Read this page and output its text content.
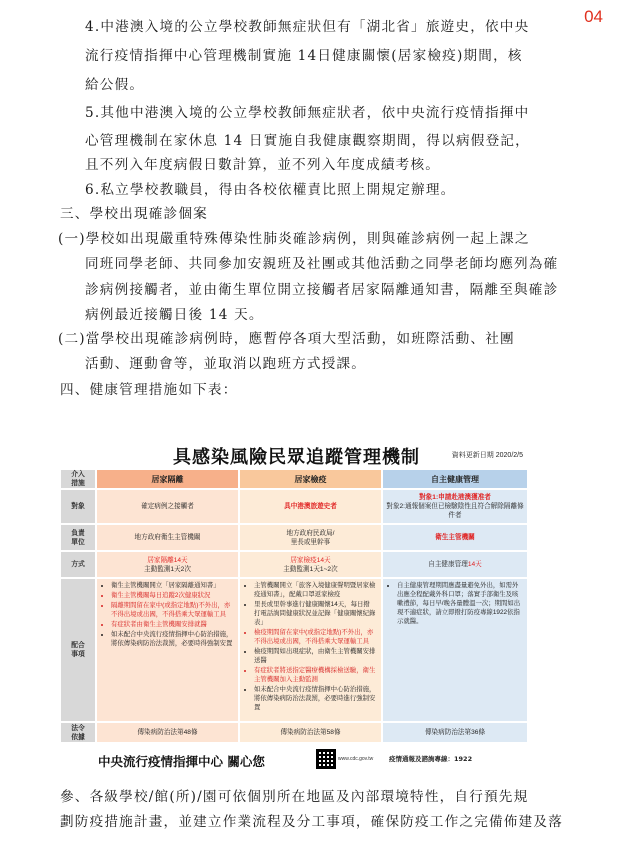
04
4.中港澳入境的公立學校教師無症狀但有「湖北省」旅遊史，依中央
流行疫情指揮中心管理機制實施 14日健康關懷(居家檢疫)期間，核
給公假。
5.其他中港澳入境的公立學校教師無症狀者，依中央流行疫情指揮中
心管理機制在家休息 14 日實施自我健康觀察期間，得以病假登記，
且不列入年度病假日數計算，並不列入年度成績考核。
6.私立學校教職員，得由各校依權責比照上開規定辦理。
三、學校出現確診個案
(一)學校如出現嚴重特殊傳染性肺炎確診病例，則與確診病例一起上課之
同班同學老師、共同參加安親班及社團或其他活動之同學老師均應列為確
診病例接觸者，並由衛生單位開立接觸者居家隔離通知書，隔離至與確診
病例最近接觸日後 14 天。
(二)當學校出現確診病例時，應暫停各項大型活動，如班際活動、社團
活動、運動會等，並取消以跑班方式授課。
四、健康管理措施如下表：
參、各級學校/館(所)/園可依個別所在地區及內部環境特性，自行預先規
劃防疫措施計畫，並建立作業流程及分工事項，確保防疫工作之完備佈建及落
具感染風險民眾追蹤管理機制	資料更新日期 2020/2/5
介入
措施
對象
負責
單位
方式
配合
事項
法令
依據
居家隔離
確定病例之接觸者
地方政府衛生主管機關
居家隔離14天
主動監測1天2次
• 衛生主管機關開立「居家隔離通知書」
• 衛生主管機關每日追蹤2次健康狀況
• 隔離期間留在家中(或指定地點)不外出，亦不得出境或出國，不得搭乘大眾運輸工具
• 有症狀者由衛生主管機關安排就醫
• 如未配合中央流行疫情指揮中心防治措施，將依傳染病防治法裁罰，必要時得強制安置
傳染病防治法第48條
居家檢疫
具中港澳旅遊史者
地方政府民政局/
里長或里幹事
居家檢疫14天
主動監測1天1~2次
• 主管機關開立「旅客入境健康聲明暨居家檢疫通知書」，配戴口罩返家檢疫
• 里長或里幹事進行健康關懷14天，每日撥打電話詢問健康狀況並記錄「健康關懷紀錄表」
• 檢疫期間留在家中(或指定地點)不外出，亦不得出境或出國，不得搭乘大眾運輸工具
• 檢疫期間如出現症狀，由衛生主管機關安排送醫
• 有症狀者將送指定醫療機構採檢送驗，衛生主管機關加入主動監測
• 如未配合中央流行疫情指揮中心防治措施，將依傳染病防治法裁罰，必要時進行強制安置
傳染病防治法第58條
自主健康管理
對象1:申請赴港澳獲准者
對象2:通報個案但已檢驗陰性且符合解除隔離條件者
衛生主管機關
自主健康管理 14天
• 自主健康管理期間應盡量避免外出，如需外出應全程配戴外科口罩；落實手部衛生及咳嗽禮節，每日早/晚各量體溫一次；期間如出現不適症狀，請立即撥打防疫專線1922依指示就醫。
傳染病防治法第36條
中央流行疫情指揮中心 關心您	www.cdc.gov.tw 疫情通報及諮詢專線：1922
